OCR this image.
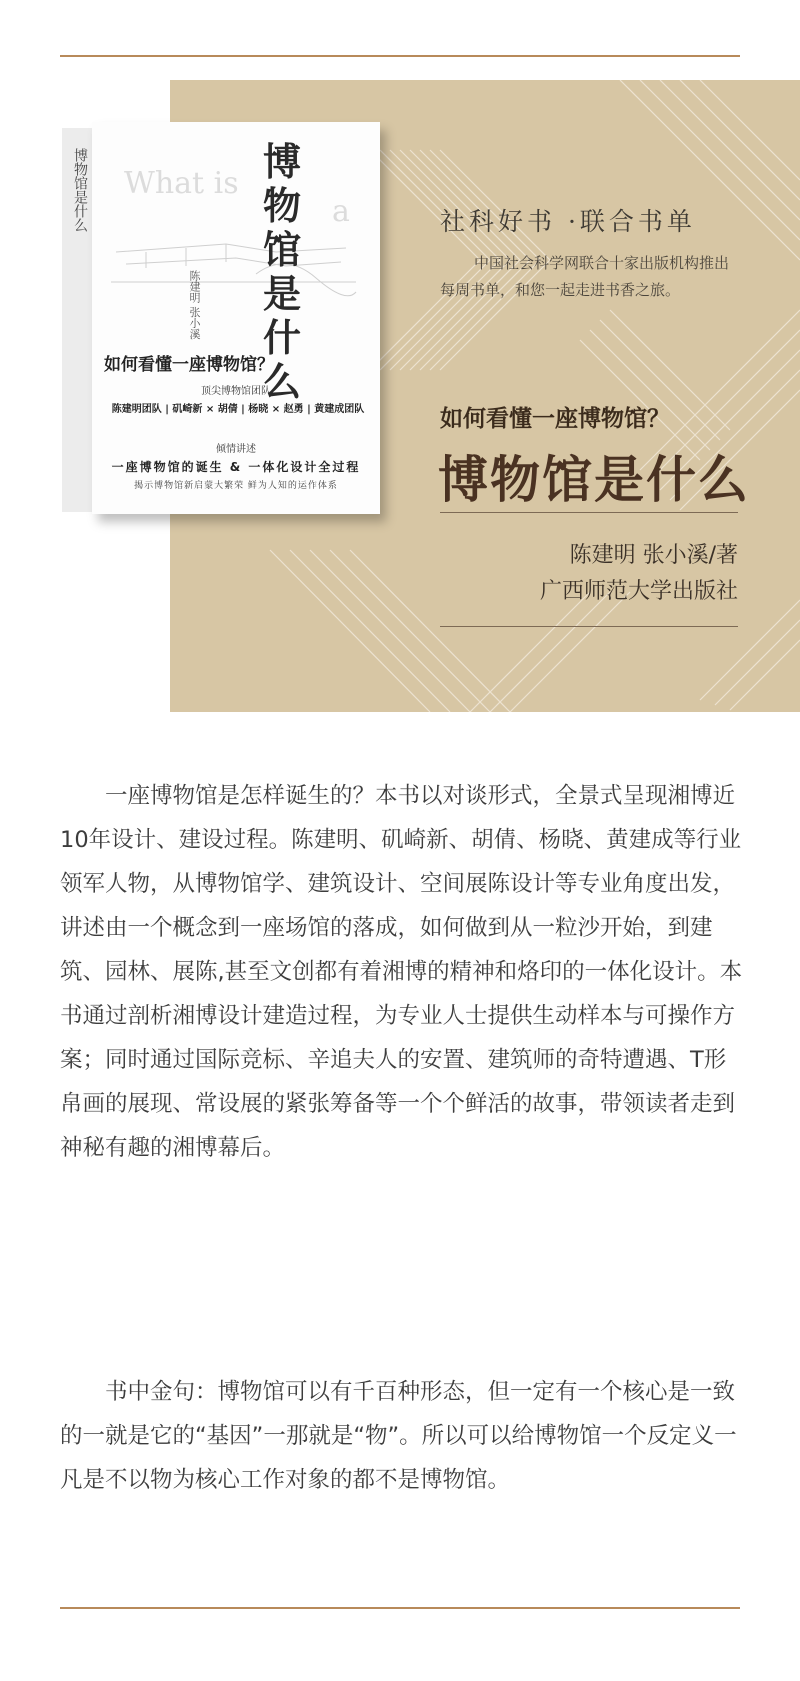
博物馆是什么 What is
a
博物馆是什么
陈建明 张小溪
如何看懂一座博物馆？
顶尖博物馆团队
陈建明团队 | 矶崎新 × 胡倩 | 杨晓 × 赵勇 | 黄建成团队
倾情讲述
一座博物馆的诞生 & 一体化设计全过程
揭示博物馆新启蒙大繁荣 鲜为人知的运作体系
社科好书 ·联合书单
中国社会科学网联合十家出版机构推出每周书单，和您一起走进书香之旅。
如何看懂一座博物馆？
博物馆是什么
陈建明 张小溪/著
广西师范大学出版社

一座博物馆是怎样诞生的？本书以对谈形式，全景式呈现湘博近10年设计、建设过程。陈建明、矶崎新、胡倩、杨晓、黄建成等行业领军人物，从博物馆学、建筑设计、空间展陈设计等专业角度出发，讲述由一个概念到一座场馆的落成，如何做到从一粒沙开始，到建筑、园林、展陈,甚至文创都有着湘博的精神和烙印的一体化设计。本书通过剖析湘博设计建造过程，为专业人士提供生动样本与可操作方案；同时通过国际竞标、辛追夫人的安置、建筑师的奇特遭遇、T形帛画的展现、常设展的紧张筹备等一个个鲜活的故事，带领读者走到神秘有趣的湘博幕后。

书中金句：博物馆可以有千百种形态，但一定有一个核心是一致的一就是它的“基因”一那就是“物”。所以可以给博物馆一个反定义一凡是不以物为核心工作对象的都不是博物馆。
